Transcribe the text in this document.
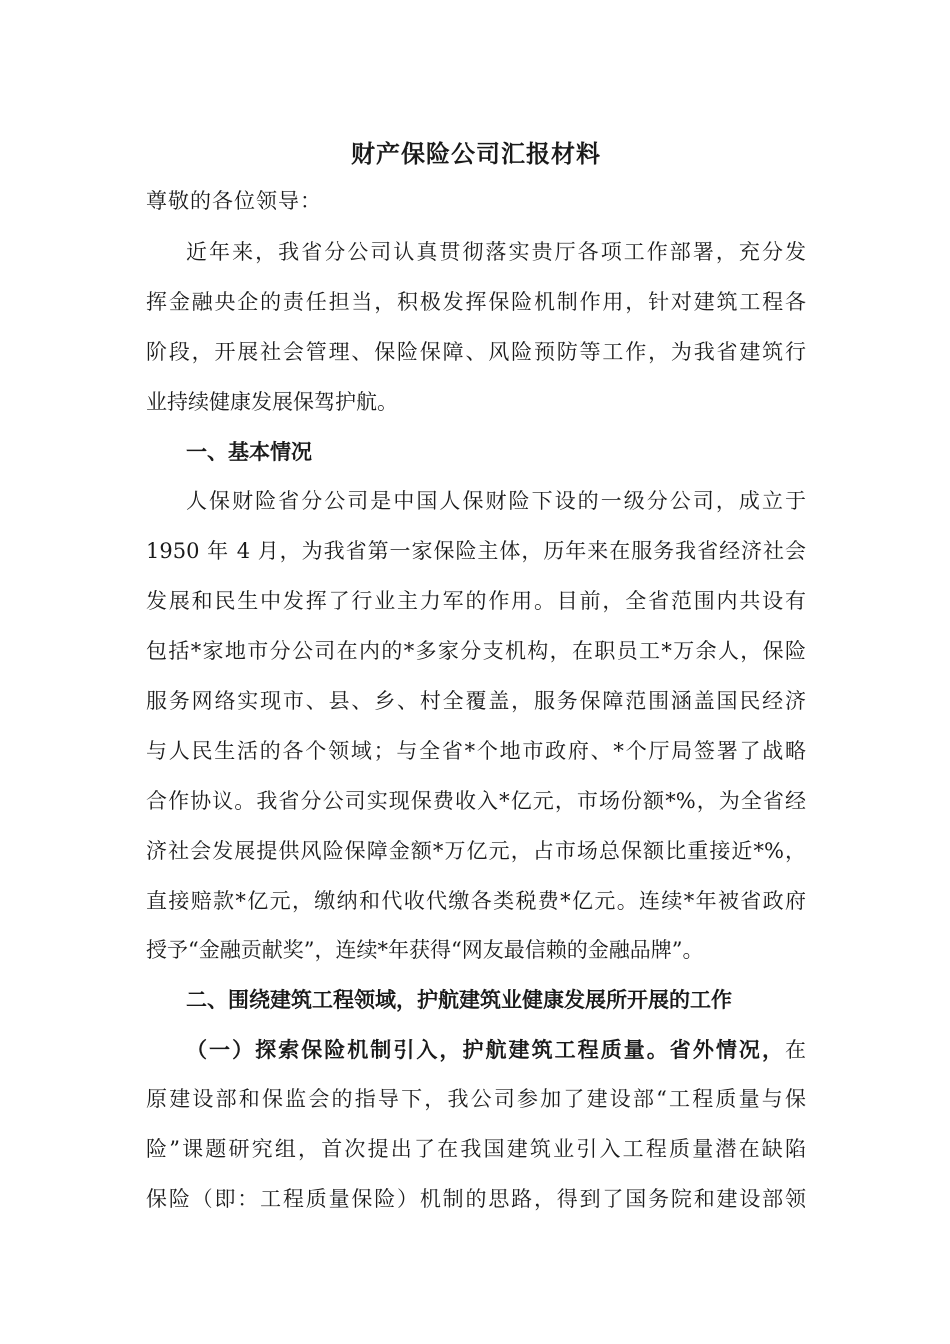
财产保险公司汇报材料
尊敬的各位领导：
近年来，我省分公司认真贯彻落实贵厅各项工作部署，充分发
挥金融央企的责任担当，积极发挥保险机制作用，针对建筑工程各
阶段，开展社会管理、保险保障、风险预防等工作，为我省建筑行
业持续健康发展保驾护航。
一、基本情况
人保财险省分公司是中国人保财险下设的一级分公司，成立于
1950 年 4 月，为我省第一家保险主体，历年来在服务我省经济社会
发展和民生中发挥了行业主力军的作用。目前，全省范围内共设有
包括*家地市分公司在内的*多家分支机构，在职员工*万余人，保险
服务网络实现市、县、乡、村全覆盖，服务保障范围涵盖国民经济
与人民生活的各个领域；与全省*个地市政府、*个厅局签署了战略
合作协议。我省分公司实现保费收入*亿元，市场份额*%，为全省经
济社会发展提供风险保障金额*万亿元，占市场总保额比重接近*%，
直接赔款*亿元，缴纳和代收代缴各类税费*亿元。连续*年被省政府
授予“金融贡献奖”，连续*年获得“网友最信赖的金融品牌”。
二、围绕建筑工程领域，护航建筑业健康发展所开展的工作
（一）探索保险机制引入，护航建筑工程质量。省外情况，在
原建设部和保监会的指导下，我公司参加了建设部“工程质量与保
险”课题研究组，首次提出了在我国建筑业引入工程质量潜在缺陷
保险（即：工程质量保险）机制的思路，得到了国务院和建设部领
